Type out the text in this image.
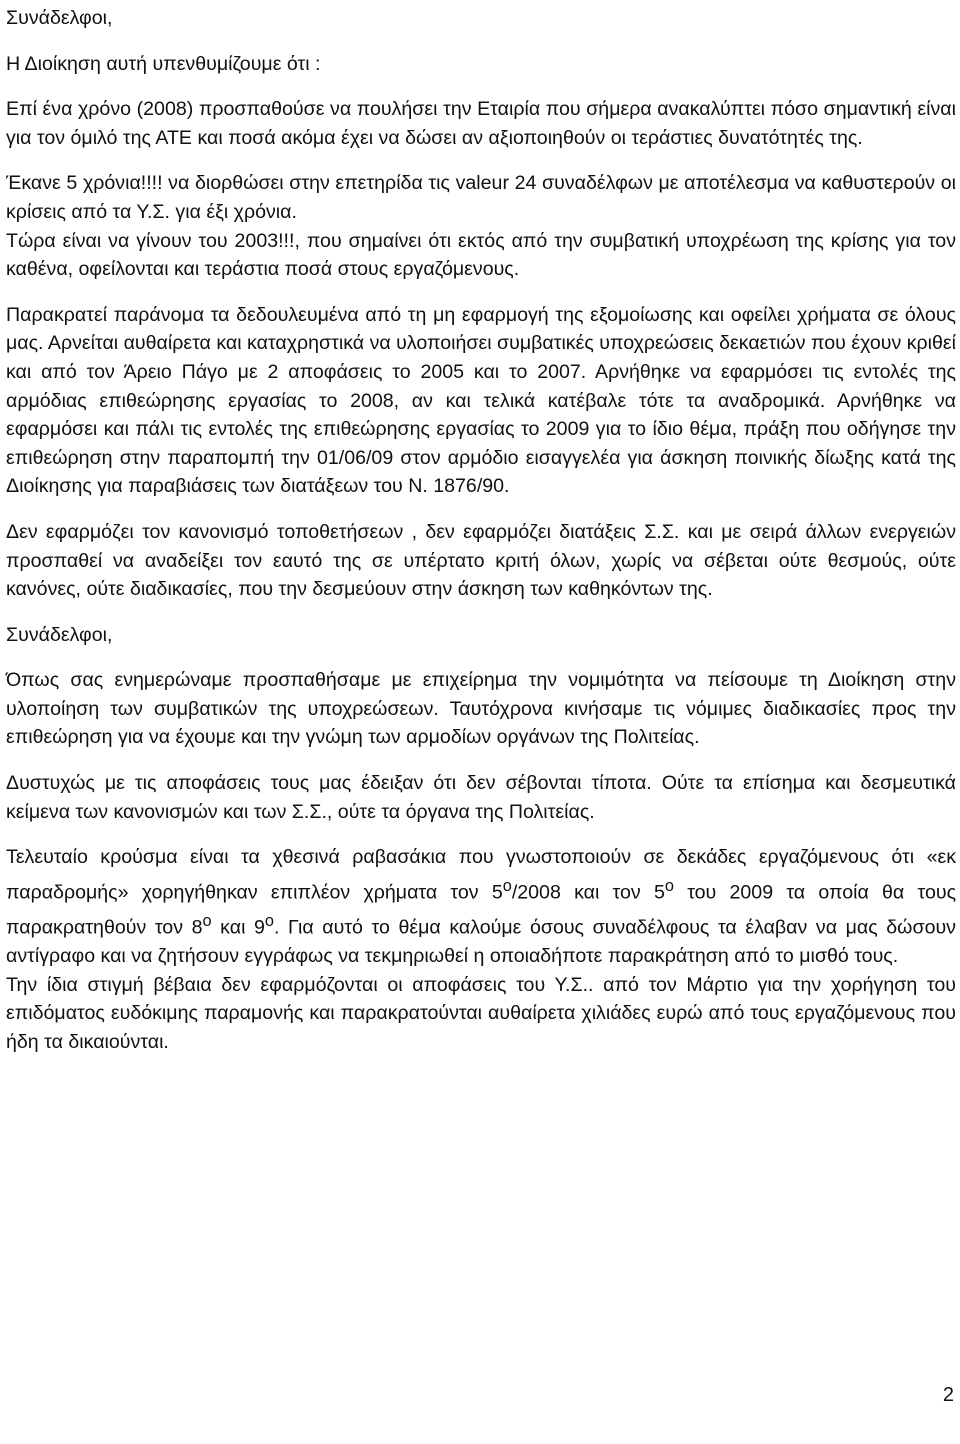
Συνάδελφοι,

Η Διοίκηση αυτή υπενθυμίζουμε ότι :

Επί ένα χρόνο (2008) προσπαθούσε να πουλήσει την Εταιρία που σήμερα ανακαλύπτει πόσο σημαντική είναι για τον όμιλό της ΑΤΕ και ποσά ακόμα έχει να δώσει αν αξιοποιηθούν οι τεράστιες δυνατότητές της.

Έκανε 5 χρόνια!!!! να διορθώσει στην επετηρίδα τις valeur 24 συναδέλφων με αποτέλεσμα να καθυστερούν οι κρίσεις από τα Υ.Σ. για έξι χρόνια.

Τώρα είναι να γίνουν του 2003!!!, που σημαίνει ότι εκτός από την συμβατική υποχρέωση της κρίσης για τον καθένα, οφείλονται και τεράστια ποσά στους εργαζόμενους.

Παρακρατεί παράνομα τα δεδουλευμένα από τη μη εφαρμογή της εξομοίωσης και οφείλει χρήματα σε όλους μας. Αρνείται αυθαίρετα και καταχρηστικά να υλοποιήσει συμβατικές υποχρεώσεις δεκαετιών που έχουν κριθεί και από τον Άρειο Πάγο με 2 αποφάσεις το 2005 και το 2007. Αρνήθηκε να εφαρμόσει τις εντολές της αρμόδιας επιθεώρησης εργασίας το 2008, αν και τελικά κατέβαλε τότε τα αναδρομικά. Αρνήθηκε να εφαρμόσει και πάλι τις εντολές της επιθεώρησης εργασίας το 2009 για το ίδιο θέμα, πράξη που οδήγησε την επιθεώρηση στην παραπομπή την 01/06/09 στον αρμόδιο εισαγγελέα για άσκηση ποινικής δίωξης κατά της Διοίκησης για παραβιάσεις των διατάξεων του Ν. 1876/90.

Δεν εφαρμόζει τον κανονισμό τοποθετήσεων , δεν εφαρμόζει διατάξεις Σ.Σ. και με σειρά άλλων ενεργειών προσπαθεί να αναδείξει τον εαυτό της σε υπέρτατο κριτή όλων, χωρίς να σέβεται ούτε θεσμούς, ούτε κανόνες, ούτε διαδικασίες, που την δεσμεύουν στην άσκηση των καθηκόντων της.

Συνάδελφοι,

Όπως σας ενημερώναμε προσπαθήσαμε με επιχείρημα την νομιμότητα να πείσουμε τη Διοίκηση στην υλοποίηση των συμβατικών της υποχρεώσεων. Ταυτόχρονα κινήσαμε τις νόμιμες διαδικασίες προς την επιθεώρηση για να έχουμε και την γνώμη των αρμοδίων οργάνων της Πολιτείας.

Δυστυχώς με τις αποφάσεις τους μας έδειξαν ότι δεν σέβονται τίποτα. Ούτε τα επίσημα και δεσμευτικά κείμενα των κανονισμών και των Σ.Σ., ούτε τα όργανα της Πολιτείας.

Τελευταίο κρούσμα είναι τα χθεσινά ραβασάκια που γνωστοποιούν σε δεκάδες εργαζόμενους ότι «εκ παραδρομής» χορηγήθηκαν επιπλέον χρήματα τον $5^o/2008$ και τον $5^o$ του 2009 τα οποία θα τους παρακρατηθούν τον $8^o$ και $9^o$. Για αυτό το θέμα καλούμε όσους συναδέλφους τα έλαβαν να μας δώσουν αντίγραφο και να ζητήσουν εγγράφως να τεκμηριωθεί η οποιαδήποτε παρακράτηση από το μισθό τους.

Την ίδια στιγμή βέβαια δεν εφαρμόζονται οι αποφάσεις του Υ.Σ.. από τον Μάρτιο για την χορήγηση του επιδόματος ευδόκιμης παραμονής και παρακρατούνται αυθαίρετα χιλιάδες ευρώ από τους εργαζόμενους που ήδη τα δικαιούνται.

2
